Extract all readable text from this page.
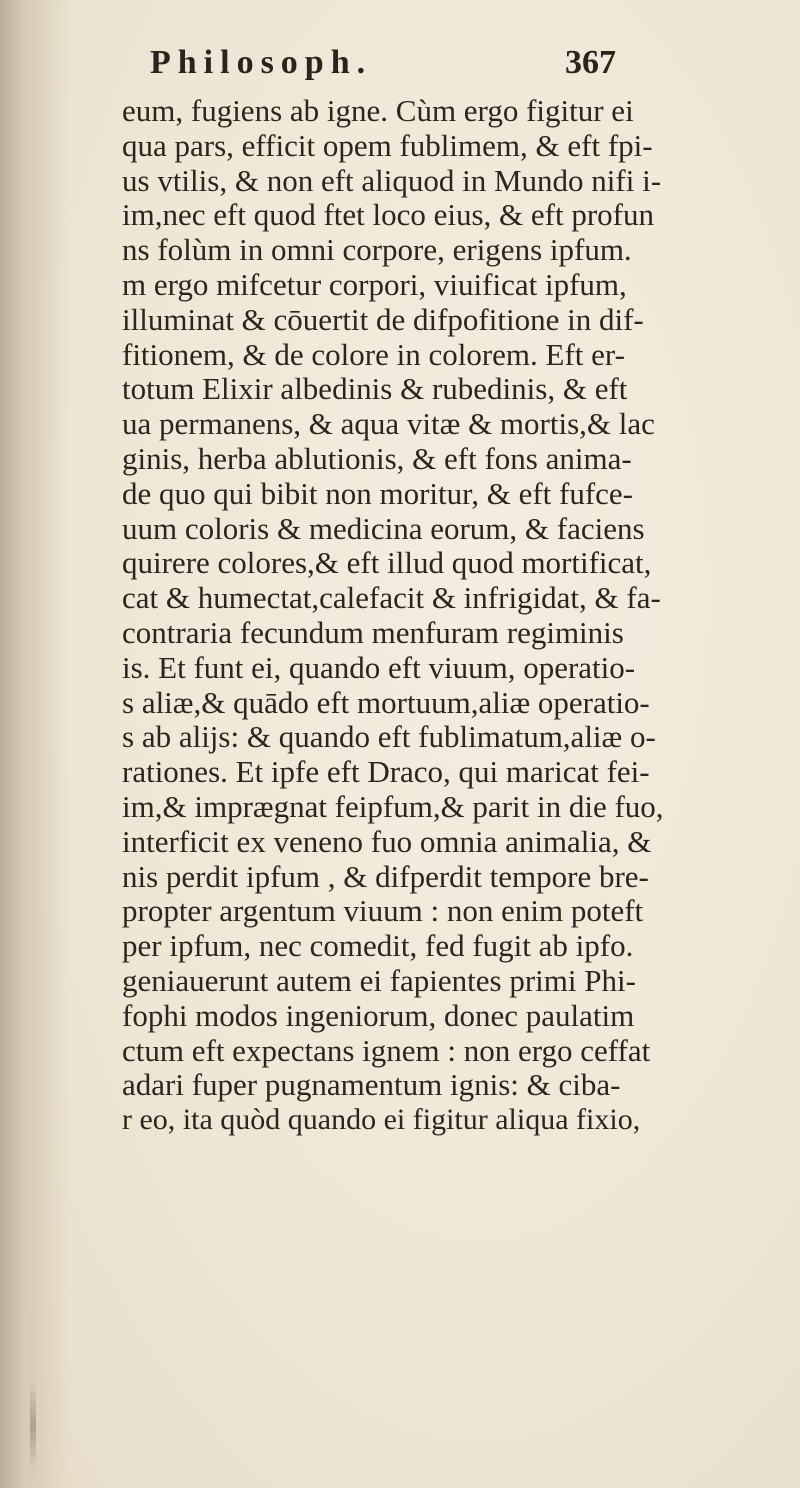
Philosoph.	367
eum, fugiens ab igne. Cùm ergo figitur ei
qua pars, efficit opem fublimem, & eft fpi-
us vtilis, & non eft aliquod in Mundo nifi i-
im,nec eft quod ftet loco eius, & eft profun
ns folùm in omni corpore, erigens ipfum.
m ergo mifcetur corpori, viuificat ipfum,
illuminat & cōuertit de difpofitione in dif-
fitionem, & de colore in colorem. Eft er-
totum Elixir albedinis & rubedinis, & eft
ua permanens, & aqua vitæ & mortis,& lac
ginis, herba ablutionis, & eft fons anima-
de quo qui bibit non moritur, & eft fufce-
uum coloris & medicina eorum, & faciens
quirere colores,& eft illud quod mortificat,
cat & humectat,calefacit & infrigidat, & fa-
contraria fecundum menfuram regiminis
is. Et funt ei, quando eft viuum, operatio-
s aliæ,& quādo eft mortuum,aliæ operatio-
s ab alijs: & quando eft fublimatum,aliæ o-
rationes. Et ipfe eft Draco, qui maricat fei-
im,& imprægnat feipfum,& parit in die fuo,
interficit ex veneno fuo omnia animalia, &
nis perdit ipfum , & difperdit tempore bre-
propter argentum viuum : non enim poteft
per ipfum, nec comedit, fed fugit ab ipfo.
geniauerunt autem ei fapientes primi Phi-
fophi modos ingeniorum, donec paulatim
ctum eft expectans ignem : non ergo ceffat
adari fuper pugnamentum ignis: & ciba-
r eo, ita quòd quando ei figitur aliqua fixio,
